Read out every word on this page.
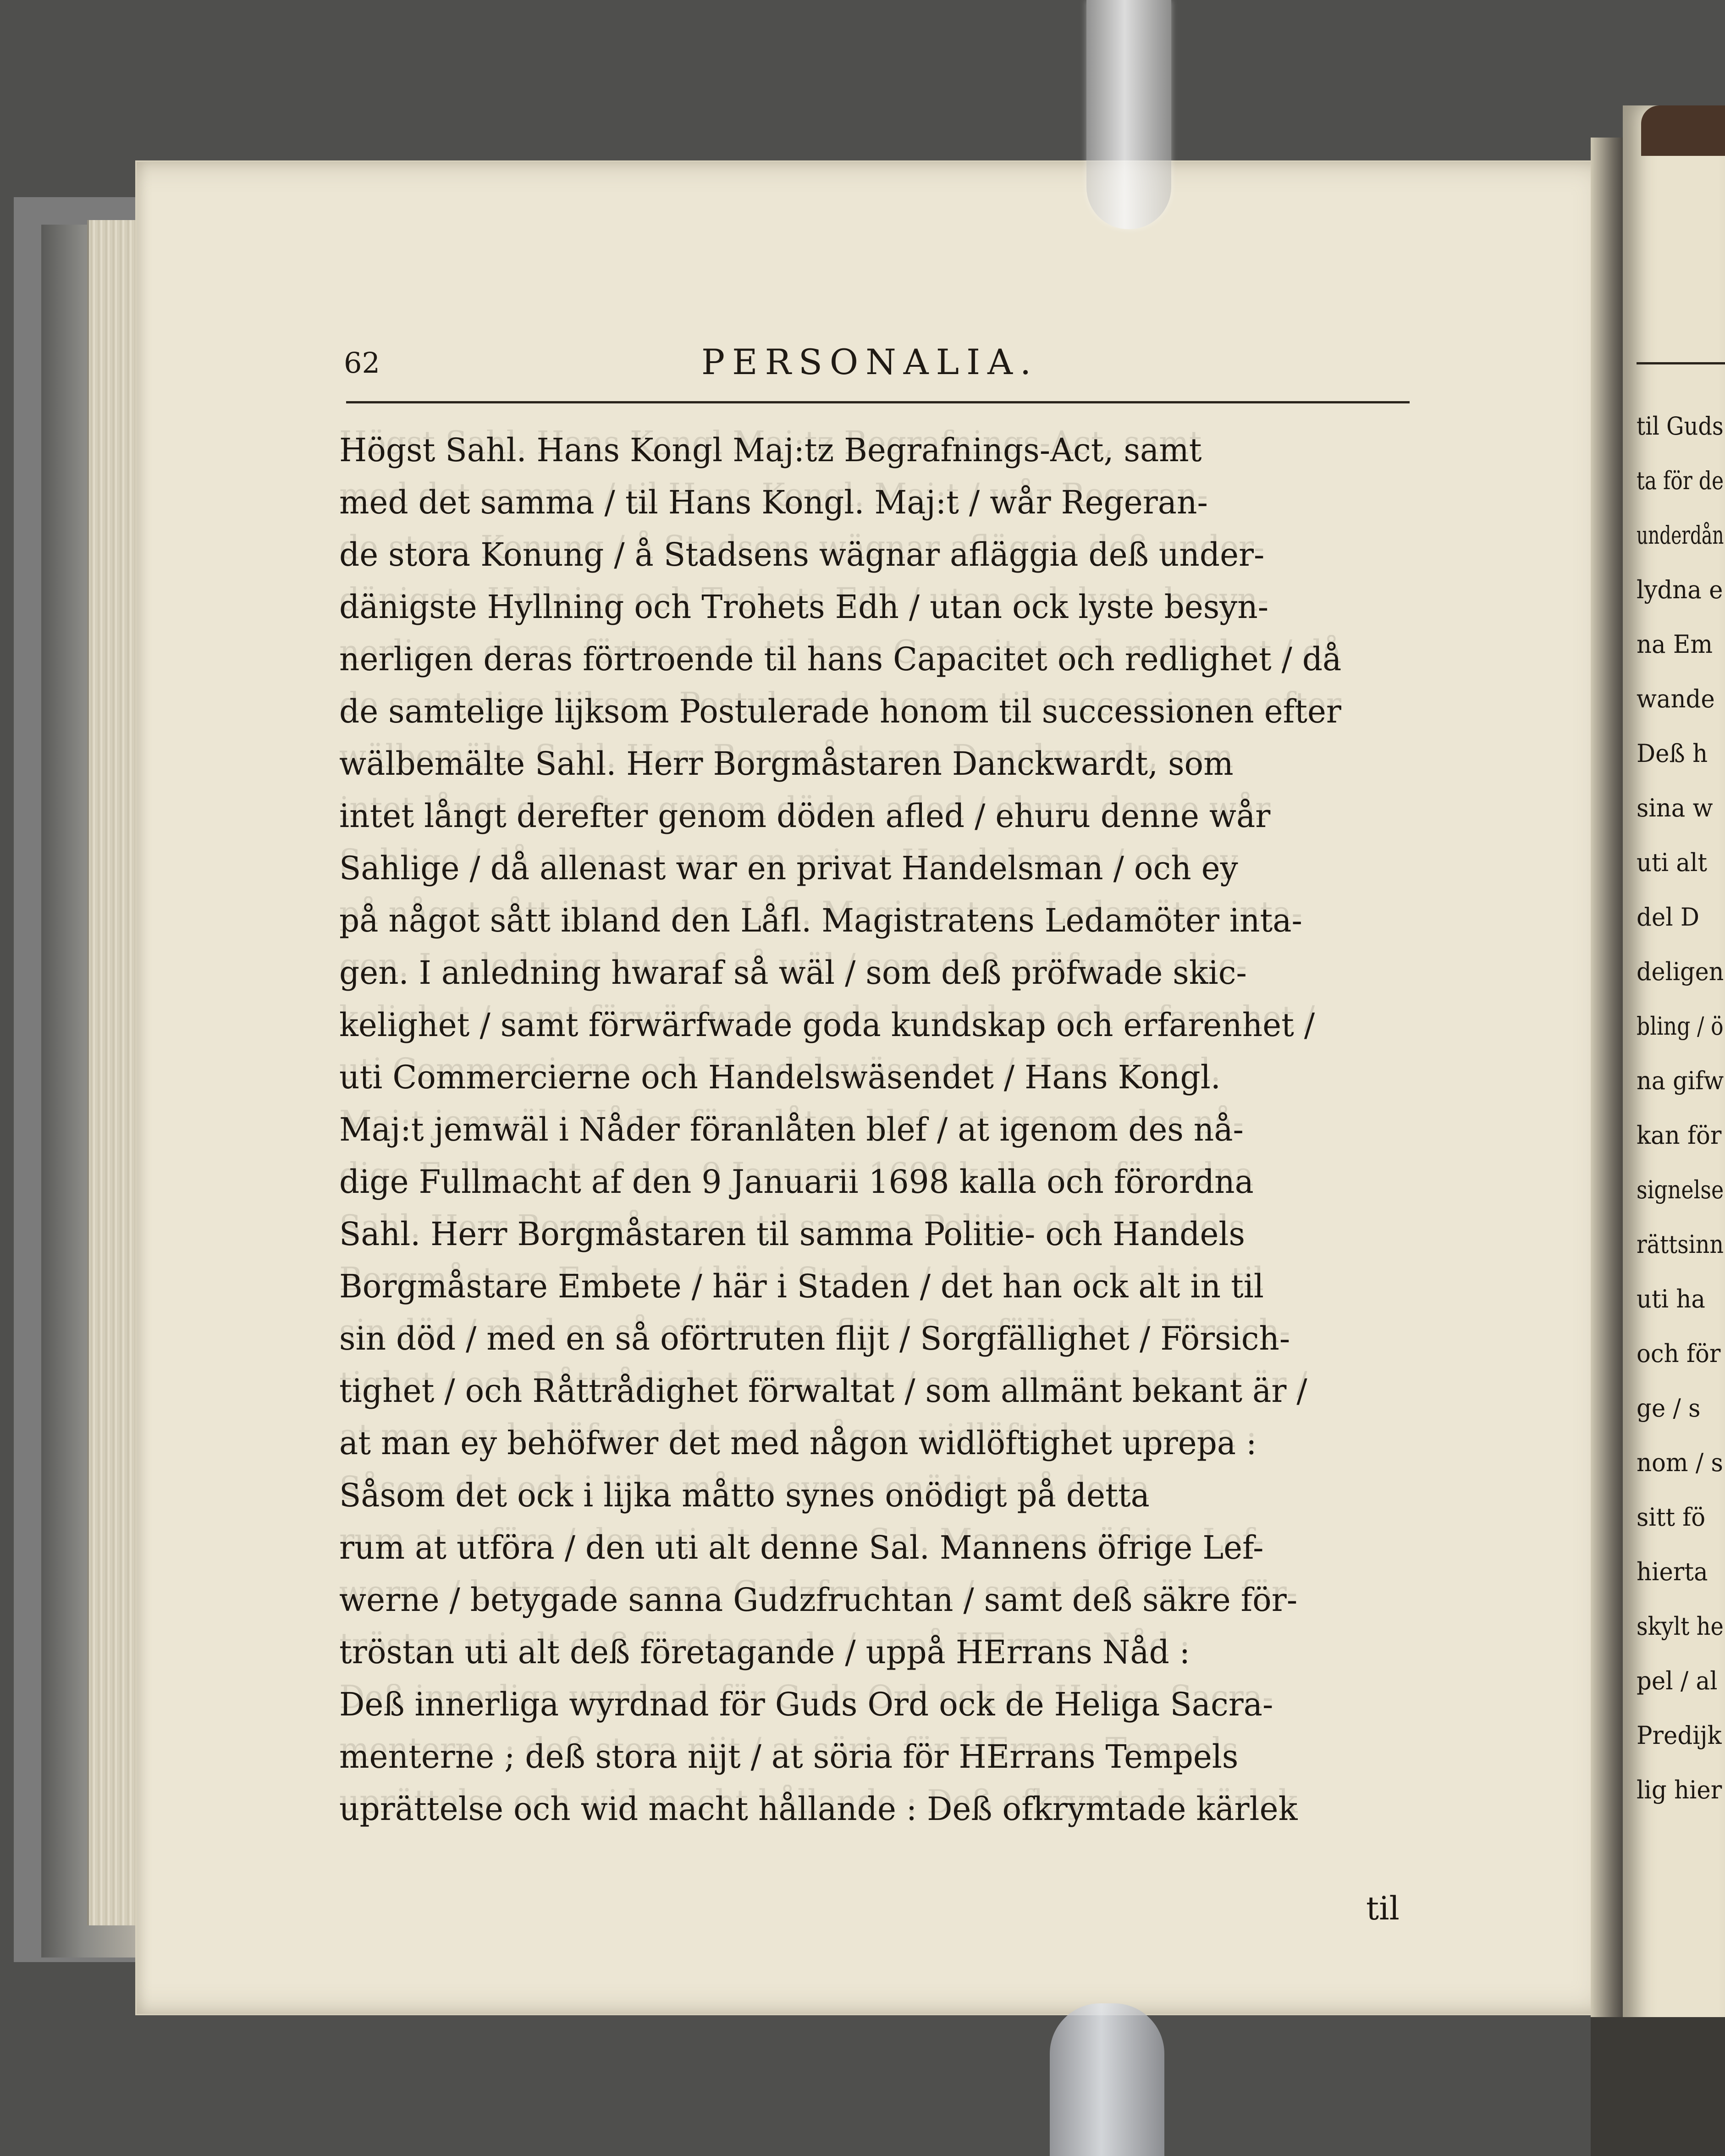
til Guds
ta för de
underdån
lydna e
na Em
wande
Deß h
sina w
uti alt
del D
deligen
bling / ö
na gifw
kan för
signelse
rättsinn
uti ha
och för
ge / s
nom / s
sitt fö
hierta
skylt he
pel / al
Predijk
lig hier
62	PERSONALIA.
Högst Sahl. Hans Kongl Maj:tz Begrafnings-Act, samt
med det samma / til Hans Kongl. Maj:t / wår Regeran-
de stora Konung / å Stadsens wägnar afläggia deß under-
dänigste Hyllning och Trohets Edh / utan ock lyste besyn-
nerligen deras förtroende til hans Capacitet och redlighet / då
de samtelige lijksom Postulerade honom til successionen efter
wälbemälte Sahl. Herr Borgmåstaren Danckwardt, som
intet långt derefter genom döden afled / ehuru denne wår
Sahlige / då allenast war en privat Handelsman / och ey
på något sått ibland den Låfl. Magistratens Ledamöter inta-
gen. I anledning hwaraf så wäl / som deß pröfwade skic-
kelighet / samt förwärfwade goda kundskap och erfarenhet /
uti Commercierne och Handelswäsendet / Hans Kongl.
Maj:t jemwäl i Nåder föranlåten blef / at igenom des nå-
dige Fullmacht af den 9 Januarii 1698 kalla och förordna
Sahl. Herr Borgmåstaren til samma Politie- och Handels
Borgmåstare Embete / här i Staden / det han ock alt in til
sin död / med en så oförtruten flijt / Sorgfällighet / Försich-
tighet / och Råttrådighet förwaltat / som allmänt bekant är /
at man ey behöfwer det med någon widlöftighet uprepa :
Såsom det ock i lijka måtto synes onödigt på detta
rum at utföra / den uti alt denne Sal. Mannens öfrige Lef-
werne / betygade sanna Gudzfruchtan / samt deß säkre för-
tröstan uti alt deß företagande / uppå HErrans Nåd :
Deß innerliga wyrdnad för Guds Ord ock de Heliga Sacra-
menterne ; deß stora nijt / at söria för HErrans Tempels
uprättelse och wid macht hållande : Deß ofkrymtade kärlek
til
